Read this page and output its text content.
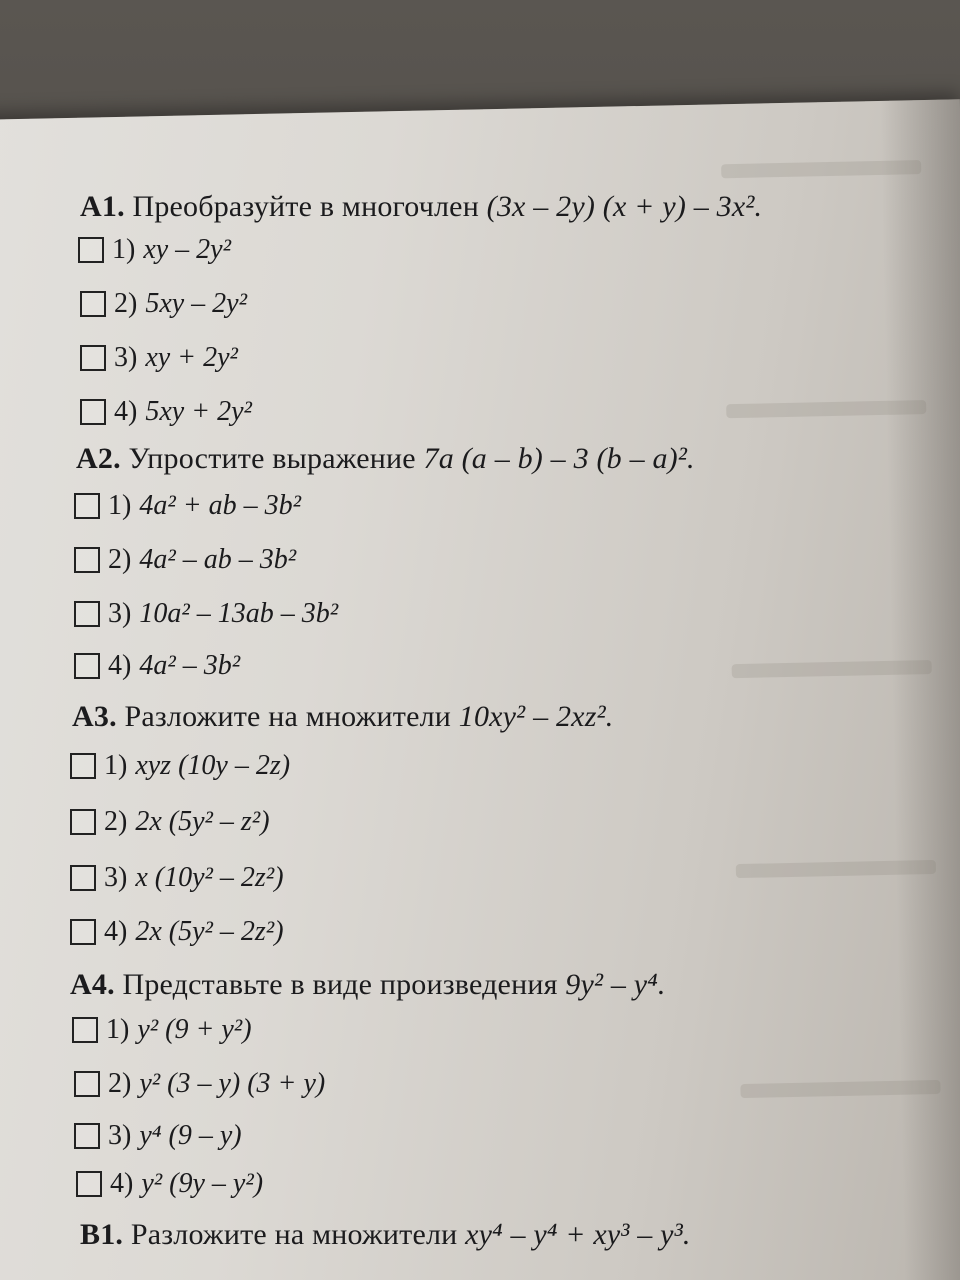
A1. Преобразуйте в многочлен (3x – 2y) (x + y) – 3x².
1) xy – 2y²
2) 5xy – 2y²
3) xy + 2y²
4) 5xy + 2y²
A2. Упростите выражение 7a (a – b) – 3 (b – a)².
1) 4a² + ab – 3b²
2) 4a² – ab – 3b²
3) 10a² – 13ab – 3b²
4) 4a² – 3b²
A3. Разложите на множители 10xy² – 2xz².
1) xyz (10y – 2z)
2) 2x (5y² – z²)
3) x (10y² – 2z²)
4) 2x (5y² – 2z²)
A4. Представьте в виде произведения 9y² – y⁴.
1) y² (9 + y²)
2) y² (3 – y) (3 + y)
3) y⁴ (9 – y)
4) y² (9y – y²)
B1. Разложите на множители xy⁴ – y⁴ + xy³ – y³.
